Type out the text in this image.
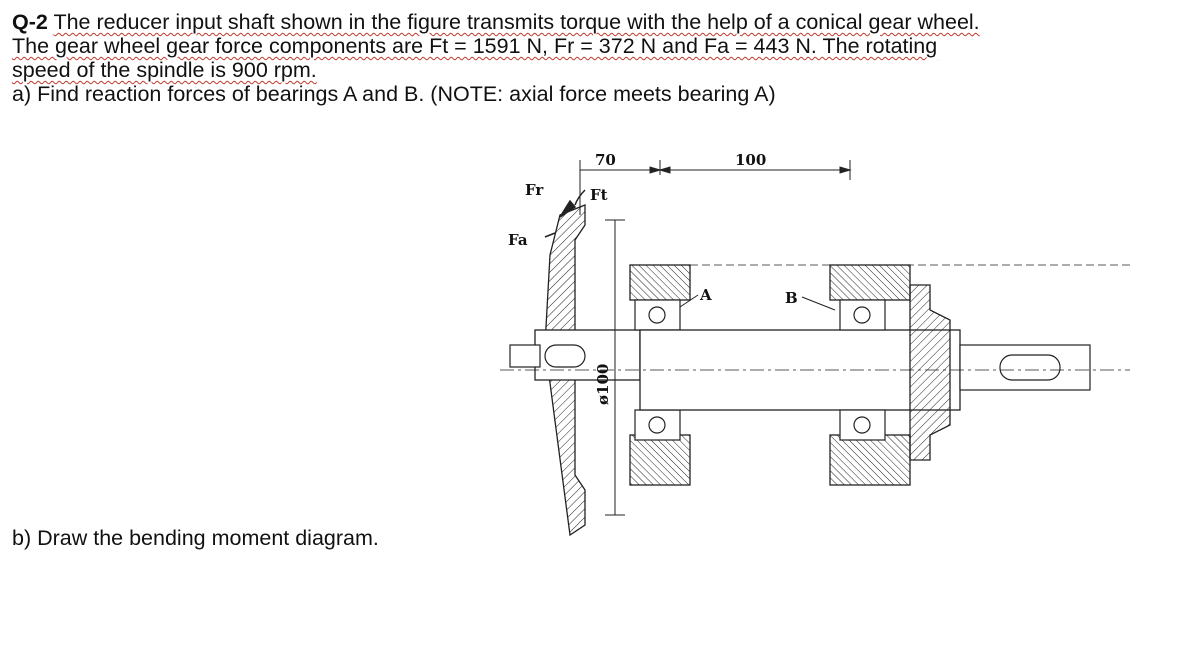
Q-2 The reducer input shaft shown in the figure transmits torque with the help of a conical gear wheel.
The gear wheel gear force components are Ft = 1591 N, Fr = 372 N and Fa = 443 N. The rotating
speed of the spindle is 900 rpm.
a) Find reaction forces of bearings A and B. (NOTE: axial force meets bearing A)
b) Draw the bending moment diagram.
70	100
Fr	Ft
Fa
ø100
A	B
